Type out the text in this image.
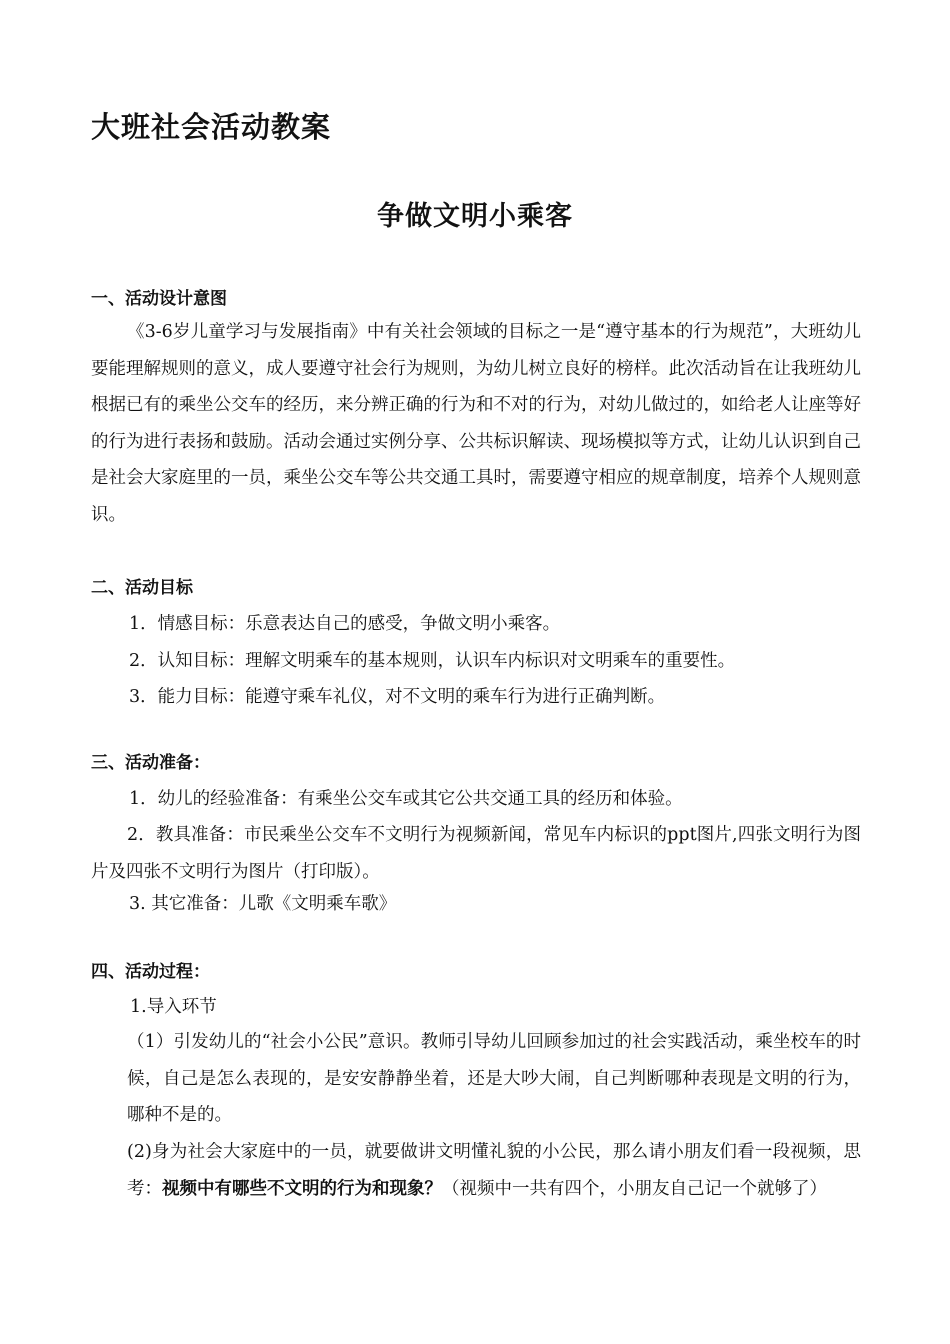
大班社会活动教案
争做文明小乘客
一、活动设计意图

《3-6岁儿童学习与发展指南》中有关社会领域的目标之一是“遵守基本的行为规范”，大班幼儿要能理解规则的意义，成人要遵守社会行为规则，为幼儿树立良好的榜样。此次活动旨在让我班幼儿根据已有的乘坐公交车的经历，来分辨正确的行为和不对的行为，对幼儿做过的，如给老人让座等好的行为进行表扬和鼓励。活动会通过实例分享、公共标识解读、现场模拟等方式，让幼儿认识到自己是社会大家庭里的一员，乘坐公交车等公共交通工具时，需要遵守相应的规章制度，培养个人规则意识。

二、活动目标
1．情感目标：乐意表达自己的感受，争做文明小乘客。
2．认知目标：理解文明乘车的基本规则，认识车内标识对文明乘车的重要性。
3．能力目标：能遵守乘车礼仪，对不文明的乘车行为进行正确判断。
三、活动准备：
1．幼儿的经验准备：有乘坐公交车或其它公共交通工具的经历和体验。

2．教具准备：市民乘坐公交车不文明行为视频新闻，常见车内标识的ppt图片,四张文明行为图片及四张不文明行为图片（打印版）。

3. 其它准备：儿歌《文明乘车歌》
四、活动过程：
1.导入环节

（1）引发幼儿的“社会小公民”意识。教师引导幼儿回顾参加过的社会实践活动，乘坐校车的时候，自己是怎么表现的，是安安静静坐着，还是大吵大闹，自己判断哪种表现是文明的行为，哪种不是的。

(2)身为社会大家庭中的一员，就要做讲文明懂礼貌的小公民，那么请小朋友们看一段视频，思考：视频中有哪些不文明的行为和现象？（视频中一共有四个，小朋友自己记一个就够了）
